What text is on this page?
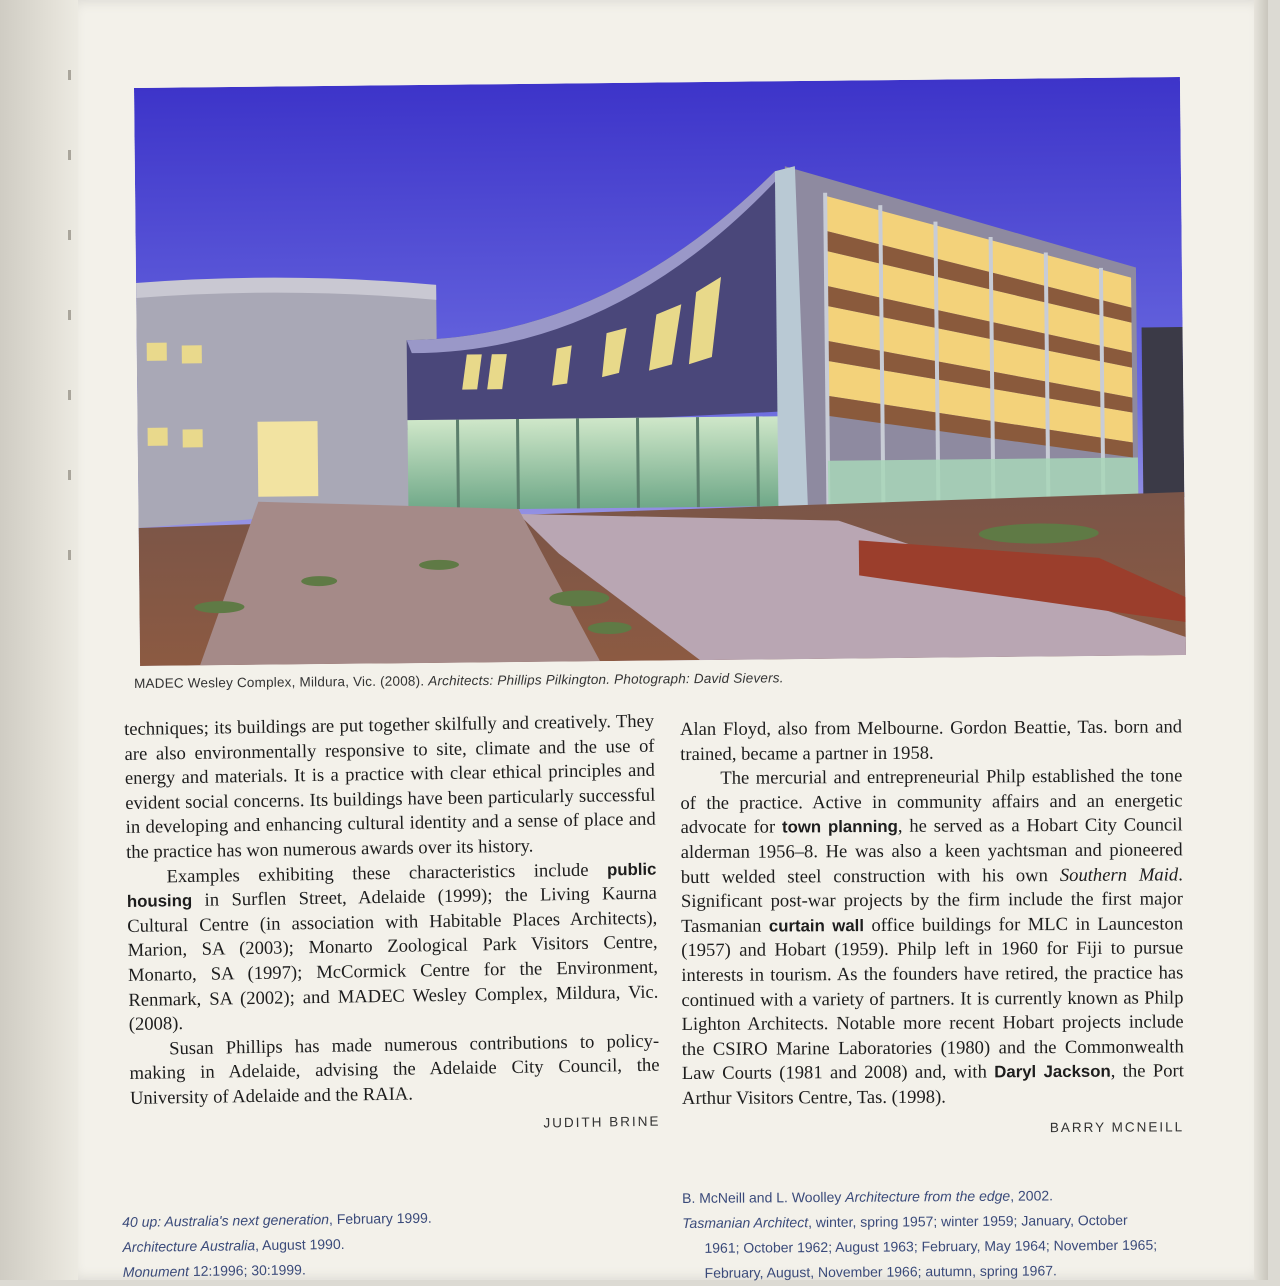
MADEC Wesley Complex, Mildura, Vic. (2008). Architects: Phillips Pilkington. Photograph: David Sievers.

techniques; its buildings are put together skilfully and creatively. They are also environmentally responsive to site, climate and the use of energy and materials. It is a practice with clear ethical principles and evident social concerns. Its buildings have been particularly successful in developing and enhancing cultural identity and a sense of place and the practice has won numerous awards over its history.

Examples exhibiting these characteristics include public housing in Surflen Street, Adelaide (1999); the Living Kaurna Cultural Centre (in association with Habitable Places Architects), Marion, SA (2003); Monarto Zoological Park Visitors Centre, Monarto, SA (1997); McCormick Centre for the Environment, Renmark, SA (2002); and MADEC Wesley Complex, Mildura, Vic. (2008).

Susan Phillips has made numerous contributions to policy-making in Adelaide, advising the Adelaide City Council, the University of Adelaide and the RAIA.

JUDITH BRINE

Alan Floyd, also from Melbourne. Gordon Beattie, Tas. born and trained, became a partner in 1958.

The mercurial and entrepreneurial Philp established the tone of the practice. Active in community affairs and an energetic advocate for town planning, he served as a Hobart City Council alderman 1956–8. He was also a keen yachtsman and pioneered butt welded steel construction with his own Southern Maid. Significant post-war projects by the firm include the first major Tasmanian curtain wall office buildings for MLC in Launceston (1957) and Hobart (1959). Philp left in 1960 for Fiji to pursue interests in tourism. As the founders have retired, the practice has continued with a variety of partners. It is currently known as Philp Lighton Architects. Notable more recent Hobart projects include the CSIRO Marine Laboratories (1980) and the Commonwealth Law Courts (1981 and 2008) and, with Daryl Jackson, the Port Arthur Visitors Centre, Tas. (1998).

BARRY MCNEILL
40 up: Australia's next generation, February 1999.
Architecture Australia, August 1990.
Monument 12:1996; 30:1999.
B. McNeill and L. Woolley Architecture from the edge, 2002.
Tasmanian Architect, winter, spring 1957; winter 1959; January, October
1961; October 1962; August 1963; February, May 1964; November 1965;
February, August, November 1966; autumn, spring 1967.
